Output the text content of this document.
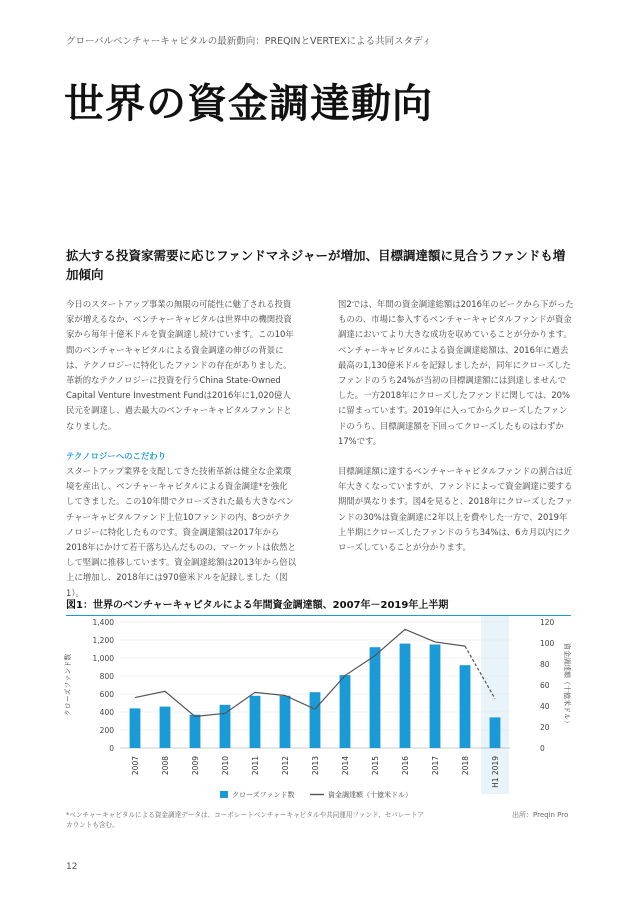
グローバルベンチャーキャピタルの最新動向：PREQINとVERTEXによる共同スタディ
世界の資金調達動向
拡大する投資家需要に応じファンドマネジャーが増加、目標調達額に見合うファンドも増加傾向

今日のスタートアップ事業の無限の可能性に魅了される投資家が増えるなか、ベンチャーキャピタルは世界中の機関投資家から毎年十億米ドルを資金調達し続けています。この10年間のベンチャーキャピタルによる資金調達の伸びの背景には、テクノロジーに特化したファンドの存在がありました。革新的なテクノロジーに投資を行うChina State-Owned Capital Venture Investment Fundは2016年に1,020億人民元を調達し、過去最大のベンチャーキャピタルファンドとなりました。

テクノロジーへのこだわり

スタートアップ業界を支配してきた技術革新は健全な企業環境を産出し、ベンチャーキャピタルによる資金調達*を強化してきました。この10年間でクローズされた最も大きなベンチャーキャピタルファンド上位10ファンドの内、8つがテクノロジーに特化したものです。資金調達額は2017年から2018年にかけて若干落ち込んだものの、マーケットは依然として堅調に推移しています。資金調達総額は2013年から倍以上に増加し、2018年には970億米ドルを記録しました（図1）。

図2では、年間の資金調達総額は2016年のピークから下がったものの、市場に参入するベンチャーキャピタルファンドが資金調達においてより大きな成功を収めていることが分かります。ベンチャーキャピタルによる資金調達総額は、2016年に過去最高の1,130億米ドルを記録しましたが、同年にクローズしたファンドのうち24%が当初の目標調達額には到達しませんでした。一方2018年にクローズしたファンドに関しては、20%に留まっています。2019年に入ってからクローズしたファンドのうち、目標調達額を下回ってクローズしたものはわずか17%です。

目標調達額に達するベンチャーキャピタルファンドの割合は近年大きくなっていますが、ファンドによって資金調達に要する期間が異なります。図4を見ると、2018年にクローズしたファンドの30%は資金調達に2年以上を費やした一方で、2019年上半期にクローズしたファンドのうち34%は、6カ月以内にクローズしていることが分かります。

図1：世界のベンチャーキャピタルによる年間資金調達額、2007年－2019年上半期
0
200
400
600
800
1,000
1,200
1,400
0
20
40
60
80
100
120
2007	2008	2009	2010	2011	2012	2013	2014	2015	2016	2017	2018	H1 2019
クローズファンド数	資金調達額（十億米ドル）
クローズファンド数	資金調達額（十億米ドル）
*ベンチャーキャピタルによる資金調達データは、コーポレートベンチャーキャピタルや共同運用ファンド、セパレートアカウントも含む。
出所：Preqin Pro
12
